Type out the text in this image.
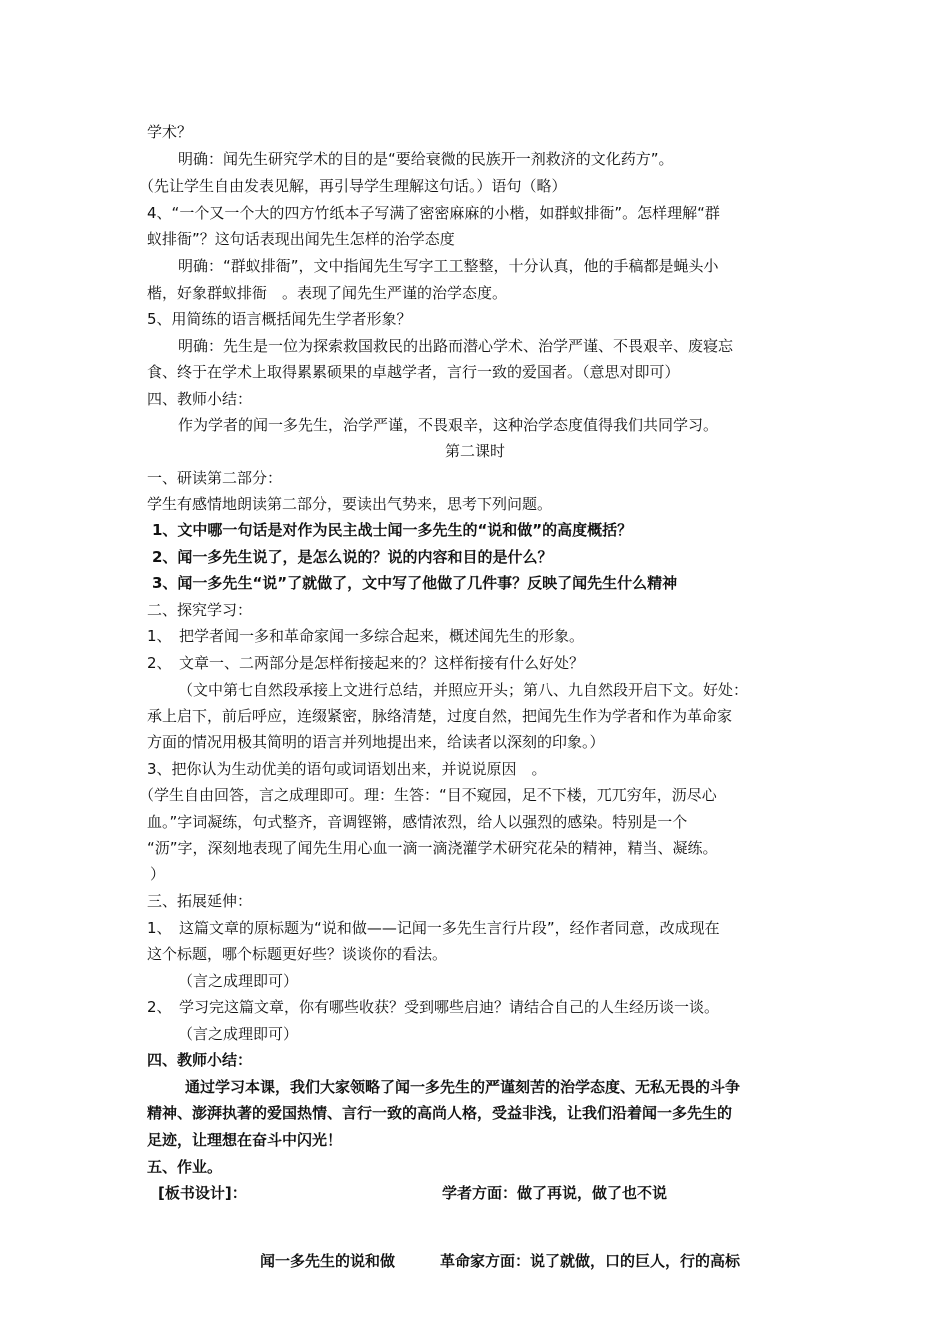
学术？

明确：闻先生研究学术的目的是“要给衰微的民族开一剂救济的文化药方”。

（先让学生自由发表见解，再引导学生理解这句话。）语句（略）

4、“一个又一个大的四方竹纸本子写满了密密麻麻的小楷，如群蚁排衙”。怎样理解“群

蚁排衙”？这句话表现出闻先生怎样的治学态度

明确：“群蚁排衙”，文中指闻先生写字工工整整，十分认真，他的手稿都是蝇头小

楷，好象群蚁排衙　。表现了闻先生严谨的治学态度。

5、用简练的语言概括闻先生学者形象？

明确：先生是一位为探索救国救民的出路而潜心学术、治学严谨、不畏艰辛、废寝忘

食、终于在学术上取得累累硕果的卓越学者，言行一致的爱国者。（意思对即可）

四、教师小结：

作为学者的闻一多先生，治学严谨，不畏艰辛，这种治学态度值得我们共同学习。

第二课时

一、研读第二部分：

学生有感情地朗读第二部分，要读出气势来，思考下列问题。

1、文中哪一句话是对作为民主战士闻一多先生的“说和做”的高度概括？

2、闻一多先生说了，是怎么说的？说的内容和目的是什么？

3、闻一多先生“说”了就做了，文中写了他做了几件事？反映了闻先生什么精神

二、探究学习：

1、　把学者闻一多和革命家闻一多综合起来，概述闻先生的形象。

2、　文章一、二两部分是怎样衔接起来的？这样衔接有什么好处？

（文中第七自然段承接上文进行总结，并照应开头；第八、九自然段开启下文。好处：

承上启下，前后呼应，连缀紧密，脉络清楚，过度自然，把闻先生作为学者和作为革命家

方面的情况用极其简明的语言并列地提出来，给读者以深刻的印象。）

3、把你认为生动优美的语句或词语划出来，并说说原因　。

（学生自由回答，言之成理即可。理：生答：“目不窥园，足不下楼，兀兀穷年，沥尽心

血。”字词凝练，句式整齐，音调铿锵，感情浓烈，给人以强烈的感染。特别是一个

“沥”字，深刻地表现了闻先生用心血一滴一滴浇灌学术研究花朵的精神，精当、凝练。

）

三、拓展延伸：

1、　这篇文章的原标题为“说和做——记闻一多先生言行片段”，经作者同意，改成现在

这个标题，哪个标题更好些？谈谈你的看法。

（言之成理即可）

2、　学习完这篇文章，你有哪些收获？受到哪些启迪？请结合自己的人生经历谈一谈。

（言之成理即可）

四、教师小结：

通过学习本课，我们大家领略了闻一多先生的严谨刻苦的治学态度、无私无畏的斗争

精神、澎湃执著的爱国热情、言行一致的高尚人格，受益非浅，让我们沿着闻一多先生的

足迹，让理想在奋斗中闪光！

五、作业。

[板书设计]：	学者方面：做了再说，做了也不说

闻一多先生的说和做	革命家方面：说了就做，口的巨人，行的高标
